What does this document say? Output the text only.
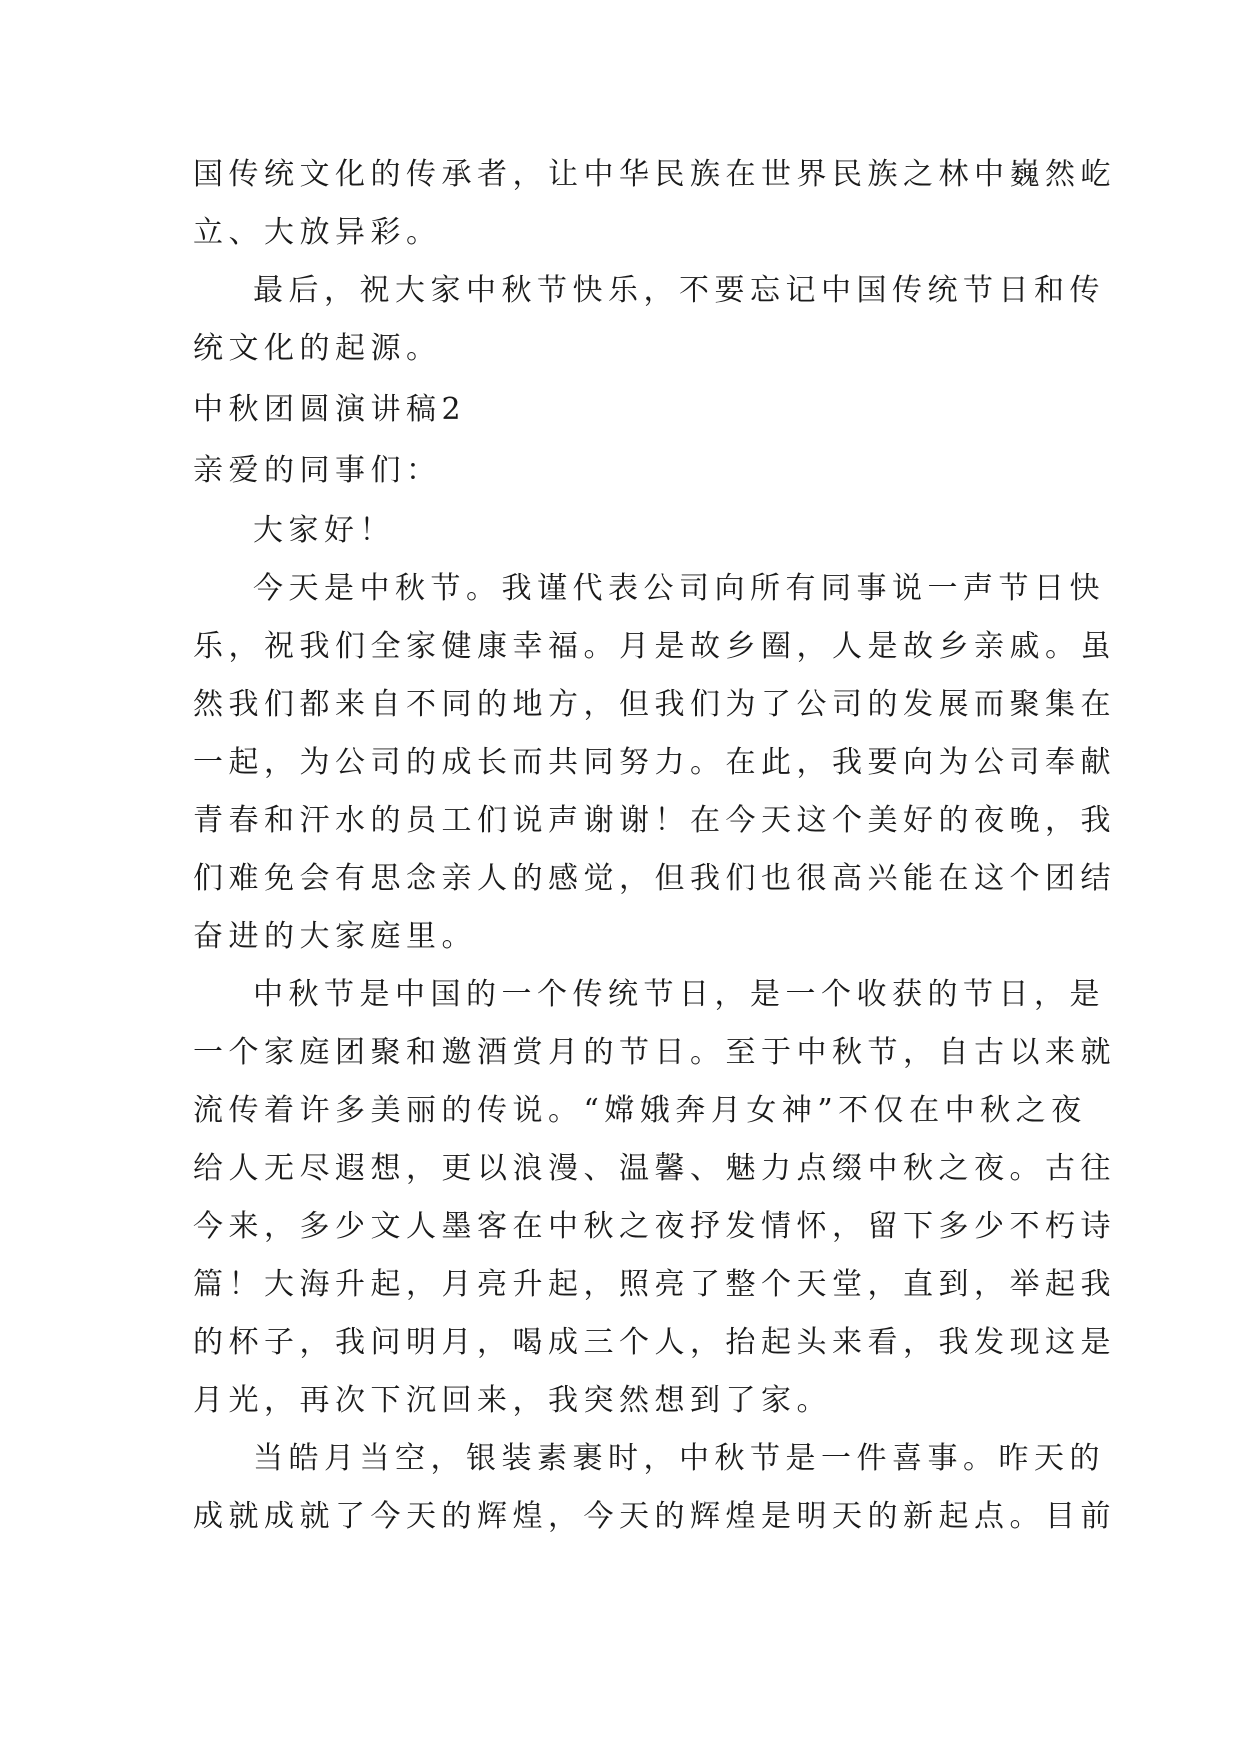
国传统文化的传承者，让中华民族在世界民族之林中巍然屹
立、大放异彩。
最后，祝大家中秋节快乐，不要忘记中国传统节日和传
统文化的起源。
中秋团圆演讲稿2
亲爱的同事们：
大家好！
今天是中秋节。我谨代表公司向所有同事说一声节日快
乐，祝我们全家健康幸福。月是故乡圈，人是故乡亲戚。虽
然我们都来自不同的地方，但我们为了公司的发展而聚集在
一起，为公司的成长而共同努力。在此，我要向为公司奉献
青春和汗水的员工们说声谢谢！在今天这个美好的夜晚，我
们难免会有思念亲人的感觉，但我们也很高兴能在这个团结
奋进的大家庭里。
中秋节是中国的一个传统节日，是一个收获的节日，是
一个家庭团聚和邀酒赏月的节日。至于中秋节，自古以来就
流传着许多美丽的传说。“嫦娥奔月女神”不仅在中秋之夜
给人无尽遐想，更以浪漫、温馨、魅力点缀中秋之夜。古往
今来，多少文人墨客在中秋之夜抒发情怀，留下多少不朽诗
篇！大海升起，月亮升起，照亮了整个天堂，直到，举起我
的杯子，我问明月，喝成三个人，抬起头来看，我发现这是
月光，再次下沉回来，我突然想到了家。
当皓月当空，银装素裹时，中秋节是一件喜事。昨天的
成就成就了今天的辉煌，今天的辉煌是明天的新起点。目前
